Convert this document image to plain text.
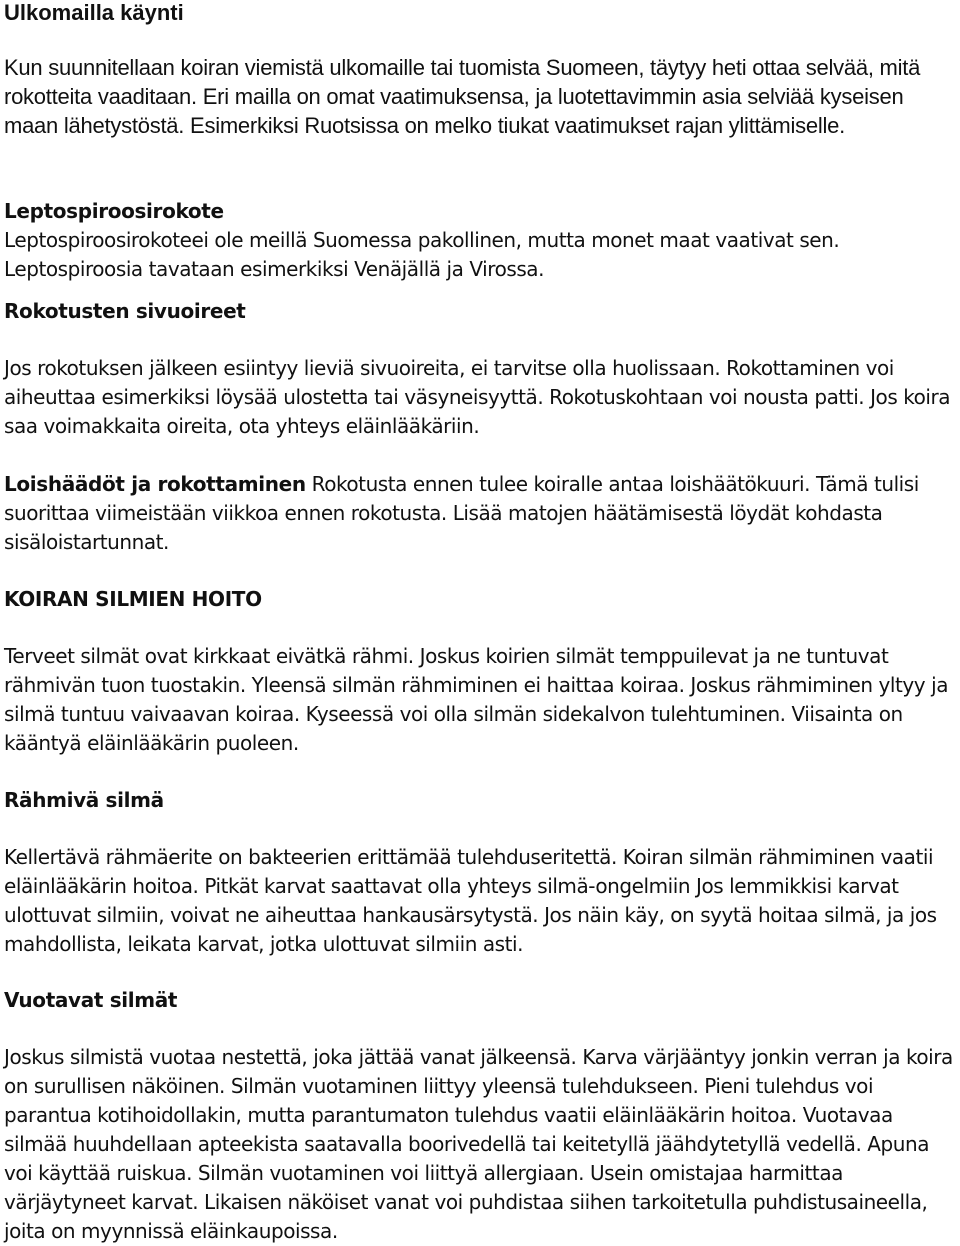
Ulkomailla käynti

Kun suunnitellaan koiran viemistä ulkomaille tai tuomista Suomeen, täytyy heti ottaa selvää, mitä rokotteita vaaditaan. Eri mailla on omat vaatimuksensa, ja luotettavimmin asia selviää kyseisen maan lähetystöstä. Esimerkiksi Ruotsissa on melko tiukat vaatimukset rajan ylittämiselle.

Leptospiroosirokote

Leptospiroosirokoteei ole meillä Suomessa pakollinen, mutta monet maat vaativat sen. Leptospiroosia tavataan esimerkiksi Venäjällä ja Virossa.

Rokotusten sivuoireet

Jos rokotuksen jälkeen esiintyy lieviä sivuoireita, ei tarvitse olla huolissaan. Rokottaminen voi aiheuttaa esimerkiksi löysää ulostetta tai väsyneisyyttä. Rokotuskohtaan voi nousta patti. Jos koira saa voimakkaita oireita, ota yhteys eläinlääkäriin.

Loishäädöt ja rokottaminen Rokotusta ennen tulee koiralle antaa loishäätökuuri. Tämä tulisi suorittaa viimeistään viikkoa ennen rokotusta. Lisää matojen häätämisestä löydät kohdasta sisäloistartunnat.

KOIRAN SILMIEN HOITO

Terveet silmät ovat kirkkaat eivätkä rähmi. Joskus koirien silmät temppuilevat ja ne tuntuvat rähmivän tuon tuostakin. Yleensä silmän rähmiminen ei haittaa koiraa. Joskus rähmiminen yltyy ja silmä tuntuu vaivaavan koiraa. Kyseessä voi olla silmän sidekalvon tulehtuminen. Viisainta on kääntyä eläinlääkärin puoleen.

Rähmivä silmä

Kellertävä rähmäerite on bakteerien erittämää tulehduseritettä. Koiran silmän rähmiminen vaatii eläinlääkärin hoitoa. Pitkät karvat saattavat olla yhteys silmä-ongelmiin Jos lemmikkisi karvat ulottuvat silmiin, voivat ne aiheuttaa hankausärsytystä. Jos näin käy, on syytä hoitaa silmä, ja jos mahdollista, leikata karvat, jotka ulottuvat silmiin asti.

Vuotavat silmät

Joskus silmistä vuotaa nestettä, joka jättää vanat jälkeensä. Karva värjääntyy jonkin verran ja koira on surullisen näköinen. Silmän vuotaminen liittyy yleensä tulehdukseen. Pieni tulehdus voi parantua kotihoidollakin, mutta parantumaton tulehdus vaatii eläinlääkärin hoitoa. Vuotavaa silmää huuhdellaan apteekista saatavalla boorivedellä tai keitetyllä jäähdytetyllä vedellä. Apuna voi käyttää ruiskua. Silmän vuotaminen voi liittyä allergiaan. Usein omistajaa harmittaa värjäytyneet karvat. Likaisen näköiset vanat voi puhdistaa siihen tarkoitetulla puhdistusaineella, joita on myynnissä eläinkaupoissa.
